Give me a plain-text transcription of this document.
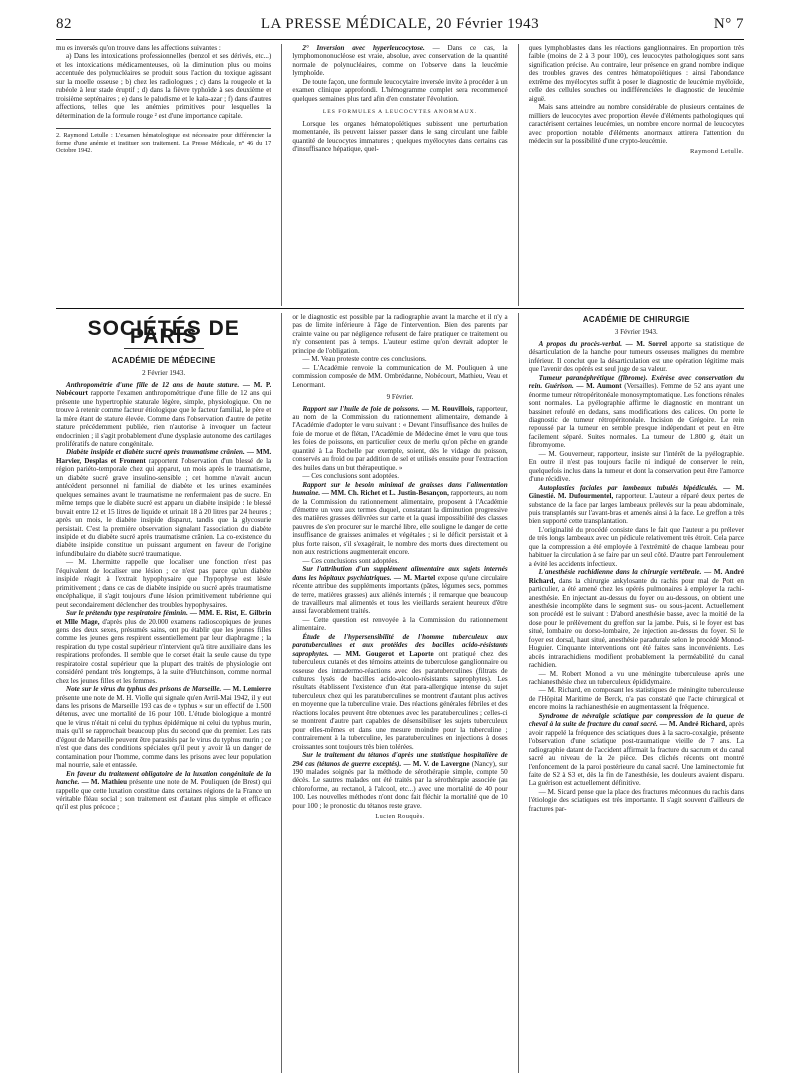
82	LA PRESSE MÉDICALE, 20 Février 1943	N° 7

mu es inversés qu'on trouve dans les affections suivantes :

a) Dans les intoxications professionnelles (benzol et ses dérivés, etc...) et les intoxications médicamenteuses, où la diminution plus ou moins accentuée des polynucléaires se produit sous l'action du toxique agissant sur la moelle osseuse ; b) chez les radiologues ; c) dans la rougeole et la rubéole à leur stade éruptif ; d) dans la fièvre typhoïde à ses deuxième et troisième septénaires ; e) dans le paludisme et le kala-azar ; f) dans d'autres affections, telles que les anémies primitives pour lesquelles la détermination de la formule rouge ² est d'une importance capitale.

2. Raymond Letulle : L'examen hématologique est nécessaire pour différencier la forme d'une anémie et instituer son traitement. La Presse Médicale, n° 46 du 17 Octobre 1942.

2° Inversion avec hyperleucocytose. — Dans ce cas, la lymphomononucléose est vraie, absolue, avec conservation de la quantité normale de polynucléaires, comme on l'observe dans la leucémie lymphoïde.

De toute façon, une formule leucocytaire inversée invite à procéder à un examen clinique approfondi. L'hémogramme complet sera recommencé quelques semaines plus tard afin d'en constater l'évolution.

LES FORMULES A LEUCOCYTES ANORMAUX.

Lorsque les organes hématopoïétiques subissent une perturbation momentanée, ils peuvent laisser passer dans le sang circulant une faible quantité de leucocytes immatures ; quelques myélocytes dans certains cas d'insuffisance hépatique, quel-

ques lymphoblastes dans les réactions ganglionnaires. En proportion très faible (moins de 2 à 3 pour 100), ces leucocytes pathologiques sont sans signification précise. Au contraire, leur présence en grand nombre indique des troubles graves des centres hématopoïétiques : ainsi l'abondance extrême des myélocytes suffit à poser le diagnostic de leucémie myéloïde, celle des cellules souches ou indifférenciées le diagnostic de leucémie aiguë.

Mais sans atteindre au nombre considérable de plusieurs centaines de milliers de leucocytes avec proportion élevée d'éléments pathologiques qui caractérisent certaines leucémies, un nombre encore normal de leucocytes avec proportion notable d'éléments anormaux attirera l'attention du médecin sur la possibilité d'une crypto-leucémie.

Raymond Letulle.
SOCIÉTÉS DE PARIS
ACADÉMIE DE MÉDECINE
2 Février 1943.

Anthropométrie d'une fille de 12 ans de haute stature. — M. P. Nobécourt rapporte l'examen anthropométrique d'une fille de 12 ans qui présente une hypertrophie staturale légère, simple, physiologique. On ne trouve à retenir comme facteur étiologique que le facteur familial, le père et la mère étant de stature élevée. Comme dans l'observation d'autre de petite stature précédemment publiée, rien n'autorise à invoquer un facteur endocrinien ; il s'agit probablement d'une dysplasie autonome des cartilages prolifératifs de nature congénitale.

Diabète insipide et diabète sucré après traumatisme crânien. — MM. Harvier, Desplas et Froment rapportent l'observation d'un blessé de la région pariéto-temporale chez qui apparut, un mois après le traumatisme, un diabète sucré grave insulino-sensible ; cet homme n'avait aucun antécédent personnel ni familial de diabète et les urines examinées quelques semaines avant le traumatisme ne renfermaient pas de sucre. En même temps que le diabète sucré est apparu un diabète insipide : le blessé buvait entre 12 et 15 litres de liquide et urinait 18 à 20 litres par 24 heures ; après un mois, le diabète insipide disparut, tandis que la glycosurie persistait. C'est la première observation signalant l'association du diabète insipide et du diabète sucré après traumatisme crânien. La co-existence du diabète insipide constitue un puissant argument en faveur de l'origine infundibulaire du diabète sucré traumatique.

— M. Lhermitte rappelle que localiser une fonction n'est pas l'équivalent de localiser une lésion ; ce n'est pas parce qu'un diabète insipide réagit à l'extrait hypophysaire que l'hypophyse est lésée primitivement ; dans ce cas de diabète insipide ou sucré après traumatisme encéphalique, il s'agit toujours d'une lésion primitivement tubérienne qui peut secondairement déclencher des troubles hypophysaires.

Sur le prétendu type respiratoire féminin. — MM. E. Rist, E. Gilbrin et Mlle Mage, d'après plus de 20.000 examens radioscopiques de jeunes gens des deux sexes, présumés sains, ont pu établir que les jeunes filles comme les jeunes gens respirent essentiellement par leur diaphragme ; la respiration du type costal supérieur n'intervient qu'à titre auxiliaire dans les respirations profondes. Il semble que le corset était la seule cause du type respiratoire costal supérieur que la plupart des traités de physiologie ont considéré pendant très longtemps, à la suite d'Hutchinson, comme normal chez les jeunes filles et les femmes.

Note sur le virus du typhus des prisons de Marseille. — M. Lemierre présente une note de M. H. Violle qui signale qu'en Avril-Mai 1942, il y eut dans les prisons de Marseille 193 cas de « typhus » sur un effectif de 1.500 détenus, avec une mortalité de 16 pour 100. L'étude biologique a montré que le virus n'était ni celui du typhus épidémique ni celui du typhus murin, mais qu'il se rapprochait beaucoup plus du second que du premier. Les rats d'égout de Marseille peuvent être parasités par le virus du typhus murin ; ce n'est que dans des conditions spéciales qu'il peut y avoir là un danger de contamination pour l'homme, comme dans les prisons avec leur population mal nourrie, sale et entassée.

En faveur du traitement obligatoire de la luxation congénitale de la hanche. — M. Mathieu présente une note de M. Pouliquen (de Brest) qui rappelle que cette luxation constitue dans certaines régions de la France un véritable fléau social ; son traitement est d'autant plus simple et efficace qu'il est plus précoce ;

or le diagnostic est possible par la radiographie avant la marche et il n'y a pas de limite inférieure à l'âge de l'intervention. Bien des parents par crainte vaine ou par négligence refusent de faire pratiquer ce traitement ou n'y consentent pas à temps. L'auteur estime qu'on devrait adopter le principe de l'obligation.

— M. Veau proteste contre ces conclusions.

— L'Académie renvoie la communication de M. Pouliquen à une commission composée de MM. Ombrédanne, Nobécourt, Mathieu, Veau et Lenormant.

9 Février.

Rapport sur l'huile de foie de poissons. — M. Rouvillois, rapporteur, au nom de la Commission du rationnement alimentaire, demande à l'Académie d'adopter le vœu suivant : « Devant l'insuffisance des huiles de foie de morue et de flétan, l'Académie de Médecine émet le vœu que tous les foies de poissons, en particulier ceux de merlu qu'on pêche en grande quantité à La Rochelle par exemple, soient, dès le vidage du poisson, conservés au froid ou par addition de sel et utilisés ensuite pour l'extraction des huiles dans un but thérapeutique. »

— Ces conclusions sont adoptées.

Rapport sur le besoin minimal de graisses dans l'alimentation humaine. — MM. Ch. Richet et L. Justin-Besançon, rapporteurs, au nom de la Commission du rationnement alimentaire, proposent à l'Académie d'émettre un vœu aux termes duquel, constatant la diminution progressive des matières grasses délivrées sur carte et la quasi impossibilité des classes pauvres de s'en procurer sur le marché libre, elle souligne le danger de cette insuffisance de graisses animales et végétales ; si le déficit persistait et à plus forte raison, s'il s'exagérait, le nombre des morts dues directement ou non aux restrictions augmenterait encore.

— Ces conclusions sont adoptées.

Sur l'attribution d'un supplément alimentaire aux sujets internés dans les hôpitaux psychiatriques. — M. Martel expose qu'une circulaire récente attribue des suppléments importants (pâtes, légumes secs, pommes de terre, matières grasses) aux aliénés internés ; il remarque que beaucoup de travailleurs mal alimentés et tous les vieillards seraient heureux d'être aussi favorablement traités.

— Cette question est renvoyée à la Commission du rationnement alimentaire.

Étude de l'hypersensibilité de l'homme tuberculeux aux paratuberculines et aux protéides des bacilles acido-résistants saprophytes. — MM. Gougerot et Laporte ont pratiqué chez des tuberculeux cutanés et des témoins atteints de tuberculose ganglionnaire ou osseuse des intradermo-réactions avec des paratuberculines (filtrats de cultures lysés de bacilles acido-alcoolo-résistants saprophytes). Les résultats établissent l'existence d'un état para-allergique intense du sujet tuberculeux chez qui les paratuberculines se montrent d'autant plus actives en moyenne que la tuberculine vraie. Des réactions générales fébriles et des réactions locales peuvent être obtenues avec les paratuberculines ; celles-ci se montrent d'autre part capables de désensibiliser les sujets tuberculeux pour elles-mêmes et dans une mesure moindre pour la tuberculine ; contrairement à la tuberculine, les paratuberculines en injections à doses croissantes sont toujours très bien tolérées.

Sur le traitement du tétanos d'après une statistique hospitalière de 294 cas (tétanos de guerre exceptés). — M. V. de Lavergne (Nancy), sur 190 malades soignés par la méthode de sérothérapie simple, compte 50 décès. Le sautres malades ont été traités par la sérothérapie associée (au chloroforme, au rectanol, à l'alcool, etc...) avec une mortalité de 40 pour 100. Les nouvelles méthodes n'ont donc fait fléchir la mortalité que de 10 pour 100 ; le pronostic du tétanos reste grave.

Lucien Rouquès.
ACADÉMIE DE CHIRURGIE
3 Février 1943.

A propos du procès-verbal. — M. Sorrel apporte sa statistique de désarticulation de la hanche pour tumeurs osseuses malignes du membre inférieur. Il conclut que la désarticulation est une opération légitime mais que l'avenir des opérés est seul juge de sa valeur.

Tumeur paranéphrétique (fibrome). Exérèse avec conservation du rein. Guérison. — M. Aumont (Versailles). Femme de 52 ans ayant une énorme tumeur rétropéritonéale monosymptomatique. Les fonctions rénales sont normales. La pyélographie affirme le diagnostic en montrant un bassinet refoulé en dedans, sans modifications des calices. On porte le diagnostic de tumeur rétropéritonéale. Incision de Grégoire. Le rein repoussé par la tumeur en semble presque indépendant et peut en être facilement séparé. Suites normales. La tumeur de 1.800 g. était un fibromyome.

— M. Gouverneur, rapporteur, insiste sur l'intérêt de la pyélographie. En outre il n'est pas toujours facile ni indiqué de conserver le rein, quelquefois inclus dans la tumeur et dont la conservation peut être l'amorce d'une récidive.

Autoplasties faciales par lambeaux tubulés bipédiculés. — M. Ginestié. M. Dufourmentel, rapporteur. L'auteur a réparé deux pertes de substance de la face par larges lambeaux prélevés sur la peau abdominale, puis transplantés sur l'avant-bras et amenés ainsi à la face. Le greffon a très bien supporté cette transplantation.

L'originalité du procédé consiste dans le fait que l'auteur a pu prélever de très longs lambeaux avec un pédicule relativement très étroit. Cela parce que la compression a été employée à l'extrémité de chaque lambeau pour habituer la circulation à se faire par un seul côté. D'autre part l'enroulement a évité les accidents infectieux.

L'anesthésie rachidienne dans la chirurgie vertébrale. — M. André Richard, dans la chirurgie ankylosante du rachis pour mal de Pott en particulier, a été amené chez les opérés pulmonaires à employer la rachi-anesthésie. En injectant au-dessus du foyer ou au-dessous, on obtient une anesthésie incomplète dans le segment sus- ou sous-jacent. Actuellement son procédé est le suivant : D'abord anesthésie basse, avec la moitié de la dose pour le prélèvement du greffon sur la jambe. Puis, si le foyer est bas situé, lombaire ou dorso-lombaire, 2e injection au-dessus du foyer. Si le foyer est dorsal, haut situé, anesthésie paradurale selon le procédé Monod-Huguier. Cinquante interventions ont été faites sans inconvénients. Les abcès intrarachidiens modifient probablement la perméabilité du canal rachidien.

— M. Robert Monod a vu une méningite tuberculeuse après une rachianesthésie chez un tuberculeux épididymaire.

— M. Richard, en composant les statistiques de méningite tuberculeuse de l'Hôpital Maritime de Berck, n'a pas constaté que l'acte chirurgical et encore moins la rachianesthésie en augmentassent la fréquence.

Syndrome de névralgie sciatique par compression de la queue de cheval à la suite de fracture du canal sacré. — M. André Richard, après avoir rappelé la fréquence des sciatiques dues à la sacro-coxalgie, présente l'observation d'une sciatique post-traumatique vieille de 7 ans. La radiographie datant de l'accident affirmait la fracture du sacrum et du canal sacré au niveau de la 2e pièce. Des clichés récents ont montré l'enfoncement de la paroi postérieure du canal sacré. Une laminectomie fut faite de S2 à S3 et, dès la fin de l'anesthésie, les douleurs avaient disparu. La guérison est actuellement définitive.

— M. Sicard pense que la place des fractures méconnues du rachis dans l'étiologie des sciatiques est très importante. Il s'agit souvent d'ailleurs de fractures par-
